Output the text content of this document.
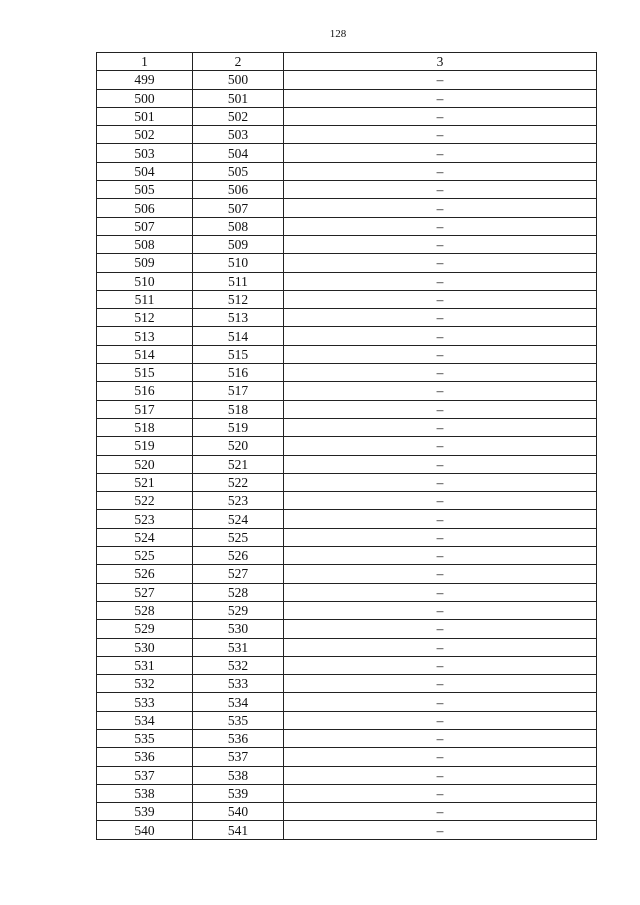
128
1	2	3
499	500	–
500	501	–
501	502	–
502	503	–
503	504	–
504	505	–
505	506	–
506	507	–
507	508	–
508	509	–
509	510	–
510	511	–
511	512	–
512	513	–
513	514	–
514	515	–
515	516	–
516	517	–
517	518	–
518	519	–
519	520	–
520	521	–
521	522	–
522	523	–
523	524	–
524	525	–
525	526	–
526	527	–
527	528	–
528	529	–
529	530	–
530	531	–
531	532	–
532	533	–
533	534	–
534	535	–
535	536	–
536	537	–
537	538	–
538	539	–
539	540	–
540	541	–
